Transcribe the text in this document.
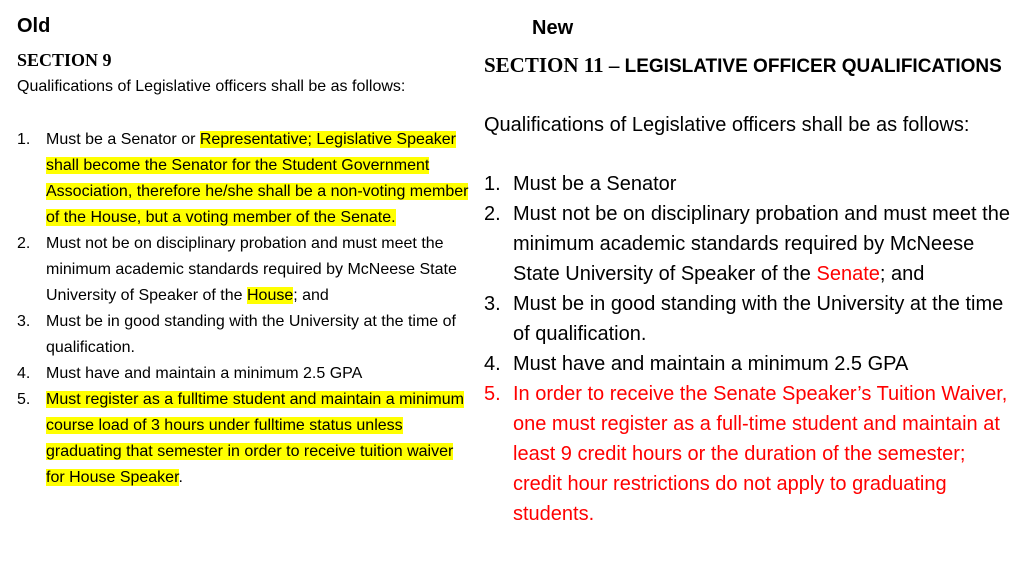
Old
SECTION 9
Qualifications of Legislative officers shall be as follows:
1. Must be a Senator or Representative; Legislative Speaker shall become the Senator for the Student Government Association, therefore he/she shall be a non-voting member of the House, but a voting member of the Senate.
2. Must not be on disciplinary probation and must meet the minimum academic standards required by McNeese State University of Speaker of the House; and
3. Must be in good standing with the University at the time of qualification.
4. Must have and maintain a minimum 2.5 GPA
5. Must register as a fulltime student and maintain a minimum course load of 3 hours under fulltime status unless graduating that semester in order to receive tuition waiver for House Speaker.
New
SECTION 11 – LEGISLATIVE OFFICER QUALIFICATIONS
Qualifications of Legislative officers shall be as follows:
1. Must be a Senator
2. Must not be on disciplinary probation and must meet the minimum academic standards required by McNeese State University of Speaker of the Senate; and
3. Must be in good standing with the University at the time of qualification.
4. Must have and maintain a minimum 2.5 GPA
5. In order to receive the Senate Speaker’s Tuition Waiver, one must register as a full-time student and maintain at least 9 credit hours or the duration of the semester; credit hour restrictions do not apply to graduating students.
